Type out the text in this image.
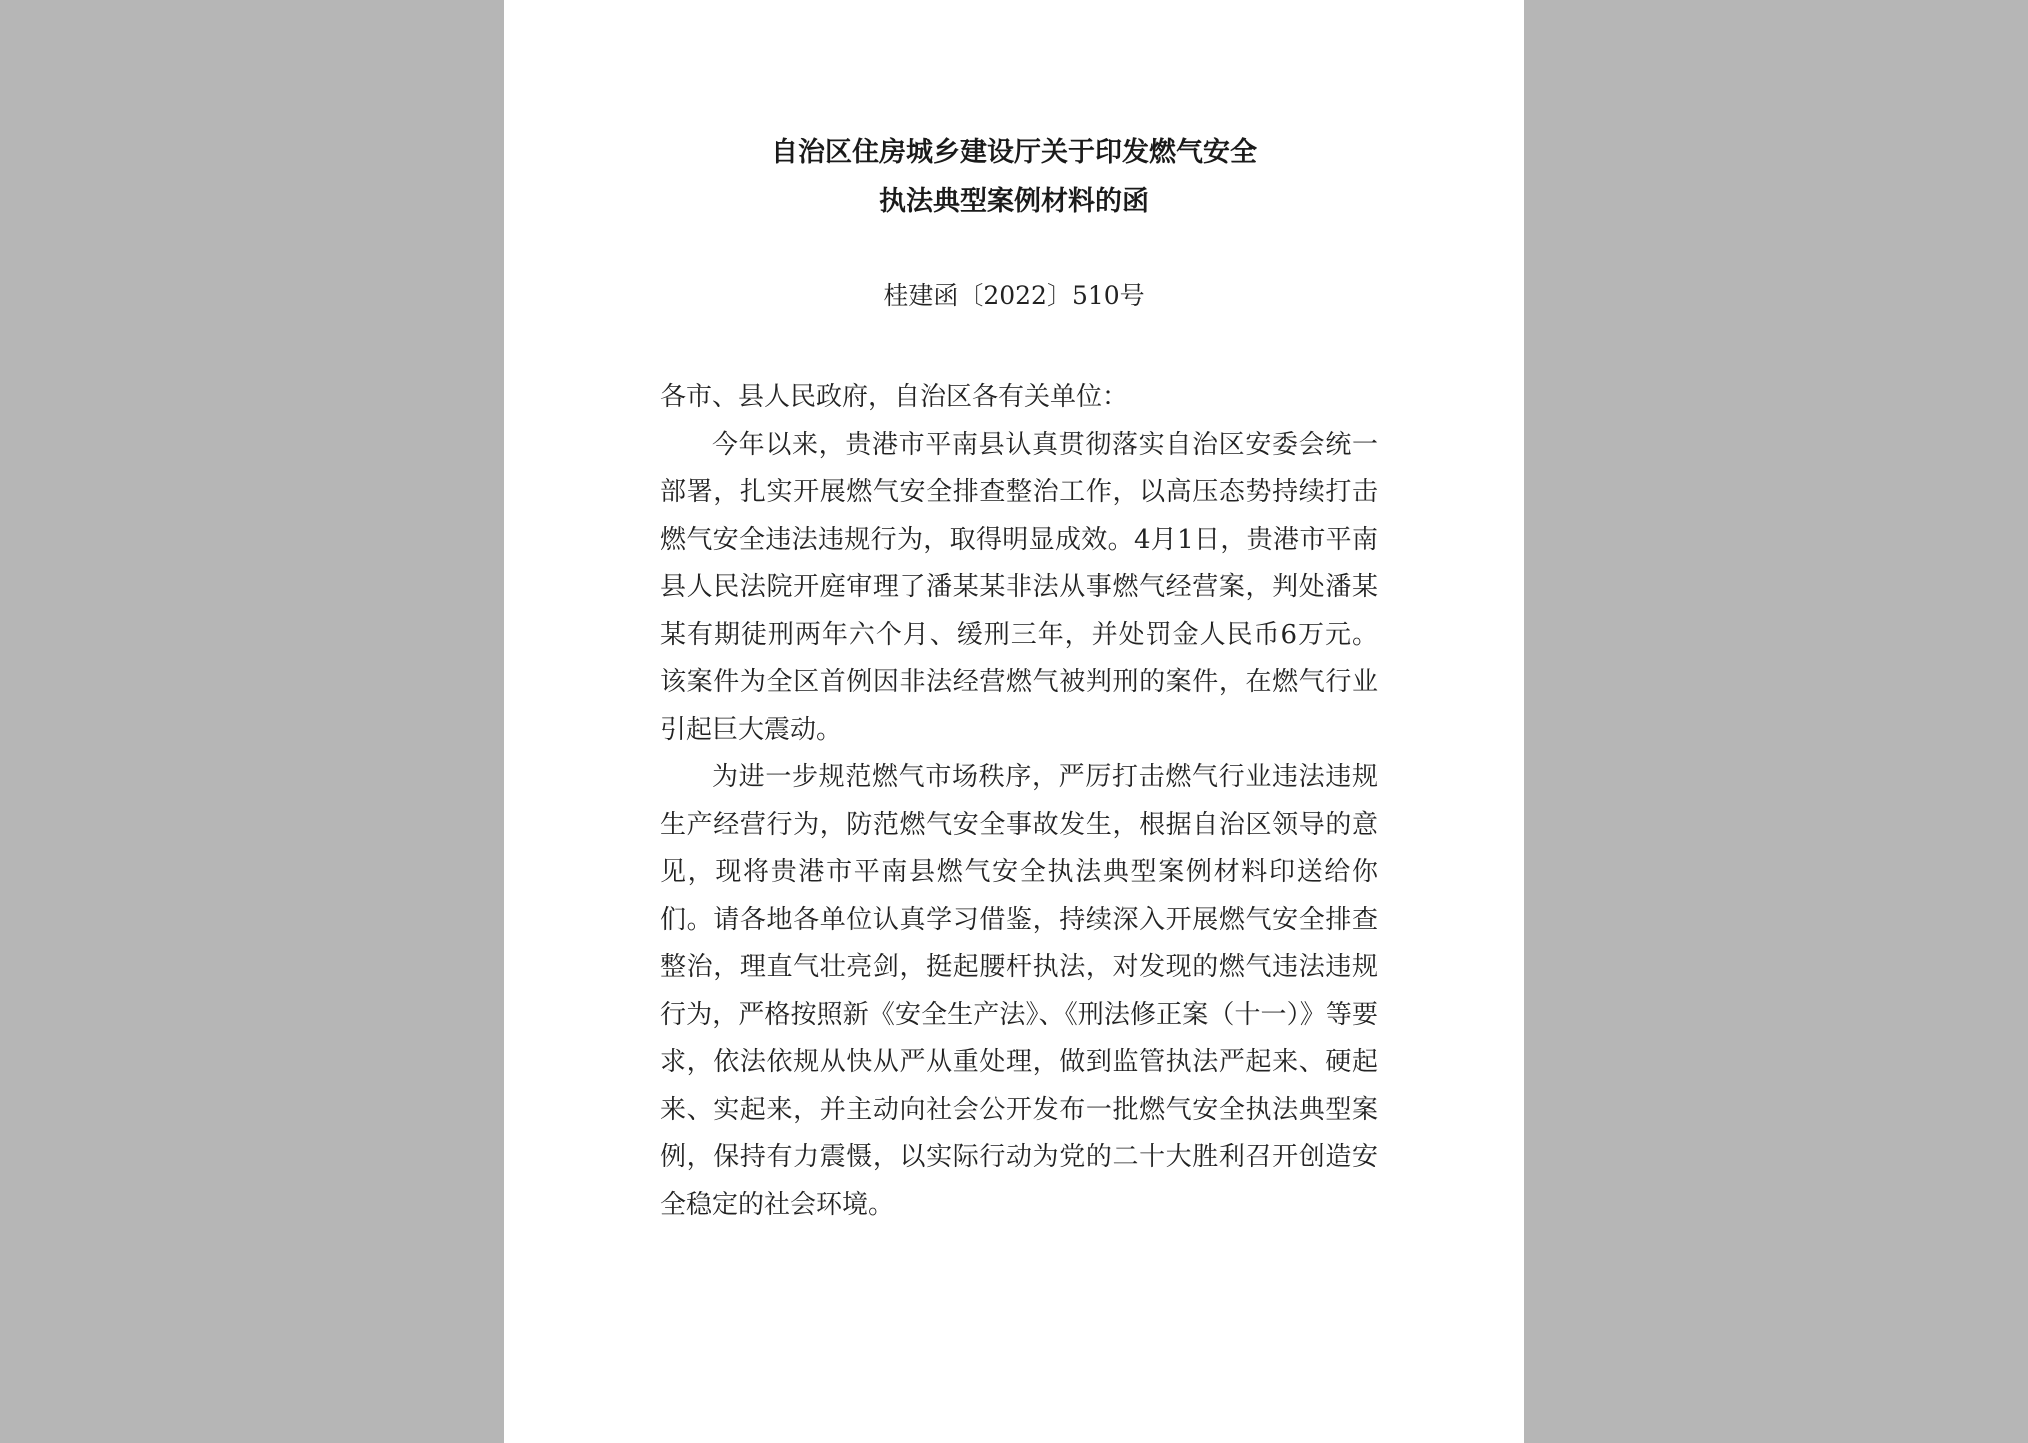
自治区住房城乡建设厅关于印发燃气安全
执法典型案例材料的函

桂建函〔2022〕510号

各市、县人民政府，自治区各有关单位：

今年以来，贵港市平南县认真贯彻落实自治区安委会统一部署，扎实开展燃气安全排查整治工作，以高压态势持续打击燃气安全违法违规行为，取得明显成效。4月1日，贵港市平南县人民法院开庭审理了潘某某非法从事燃气经营案，判处潘某某有期徒刑两年六个月、缓刑三年，并处罚金人民币6万元。该案件为全区首例因非法经营燃气被判刑的案件，在燃气行业引起巨大震动。

为进一步规范燃气市场秩序，严厉打击燃气行业违法违规生产经营行为，防范燃气安全事故发生，根据自治区领导的意见，现将贵港市平南县燃气安全执法典型案例材料印送给你们。请各地各单位认真学习借鉴，持续深入开展燃气安全排查整治，理直气壮亮剑，挺起腰杆执法，对发现的燃气违法违规行为，严格按照新《安全生产法》、《刑法修正案（十一）》等要求，依法依规从快从严从重处理，做到监管执法严起来、硬起来、实起来，并主动向社会公开发布一批燃气安全执法典型案例，保持有力震慑，以实际行动为党的二十大胜利召开创造安全稳定的社会环境。
